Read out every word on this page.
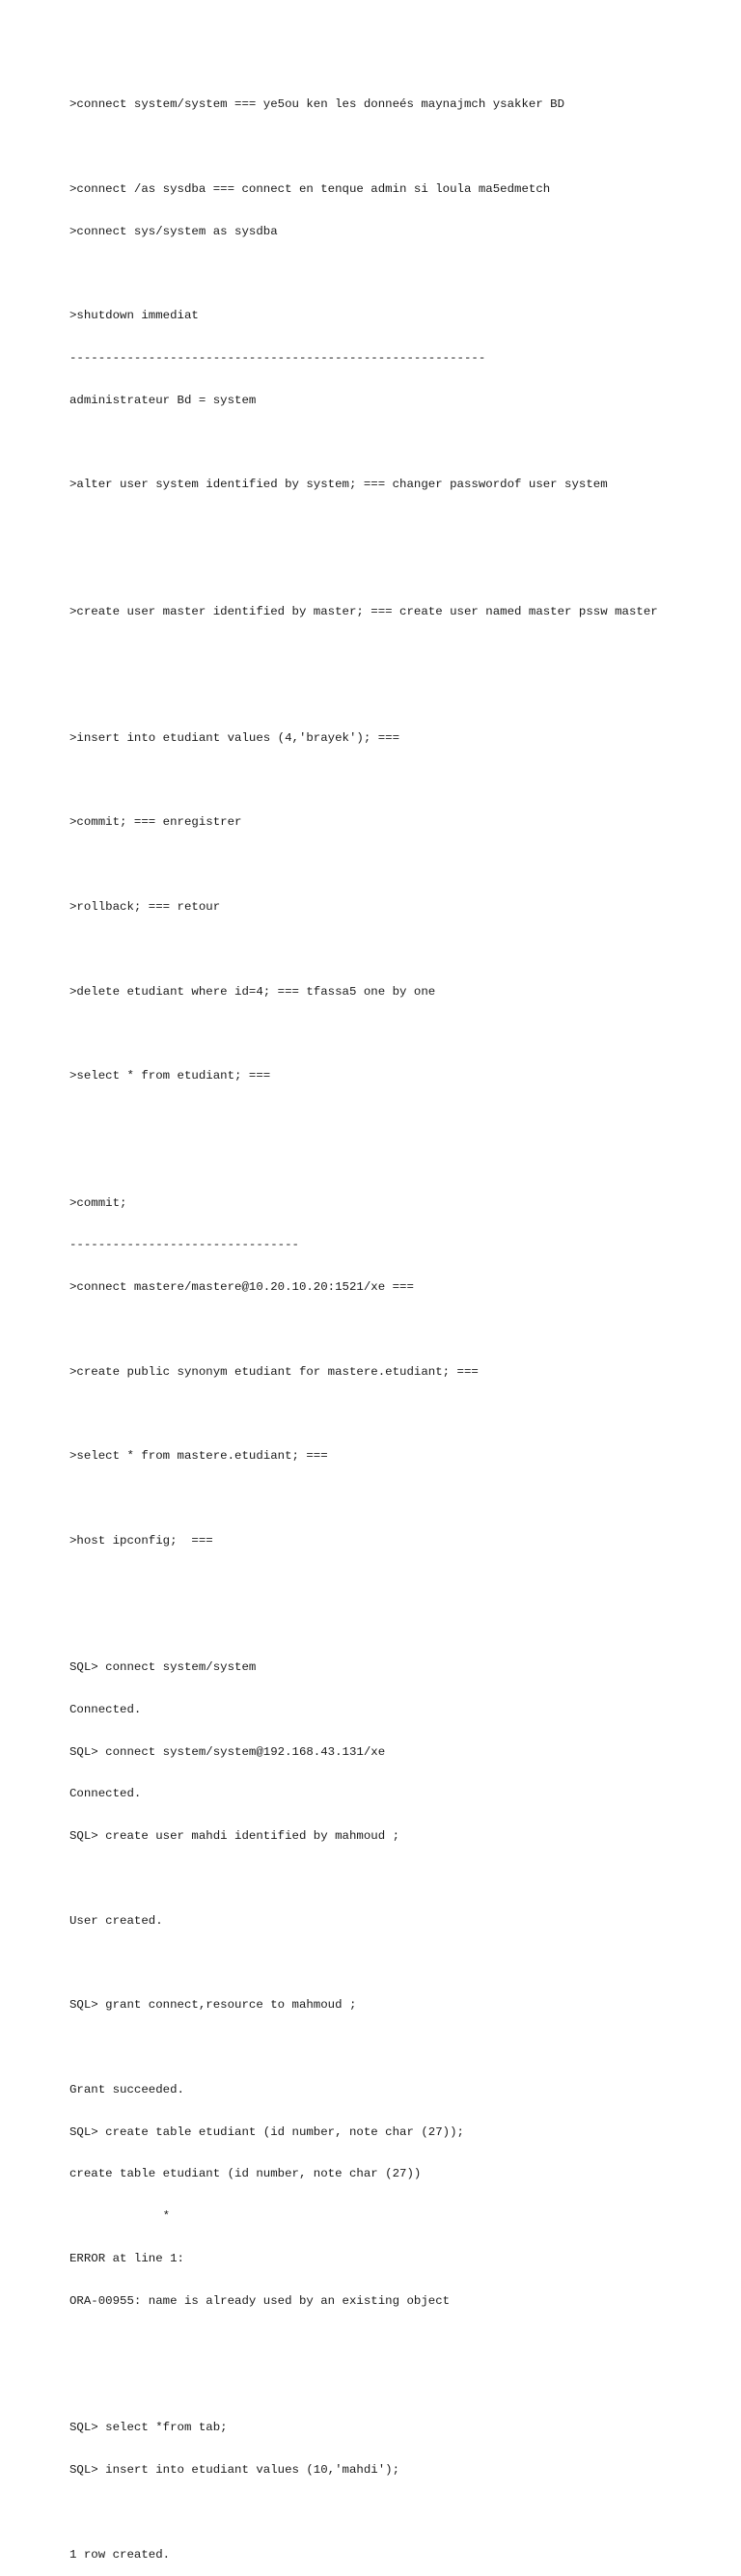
>connect system/system === ye5ou ken les donneés maynajmch ysakker BD

>connect /as sysdba === connect en tenque admin si loula ma5edmetch

>connect sys/system as sysdba

>shutdown immediat

----------------------------------------------------------

administrateur Bd = system

>alter user system identified by system; === changer passwordof user system

>create user master identified by master; === create user named master pssw master

>insert into etudiant values (4,'brayek'); ===

>commit; === enregistrer

>rollback; === retour

>delete etudiant where id=4; === tfassa5 one by one

>select * from etudiant; ===

>commit;

--------------------------------

>connect mastere/mastere@10.20.10.20:1521/xe ===

>create public synonym etudiant for mastere.etudiant; ===

>select * from mastere.etudiant; ===

>host ipconfig;  ===

SQL> connect system/system

Connected.

SQL> connect system/system@192.168.43.131/xe

Connected.

SQL> create user mahdi identified by mahmoud ;

User created.

SQL> grant connect,resource to mahmoud ;

Grant succeeded.

SQL> create table etudiant (id number, note char (27));

create table etudiant (id number, note char (27))

*

ERROR at line 1:

ORA-00955: name is already used by an existing object

SQL> select *from tab;

SQL> insert into etudiant values (10,'mahdi');

1 row created.
